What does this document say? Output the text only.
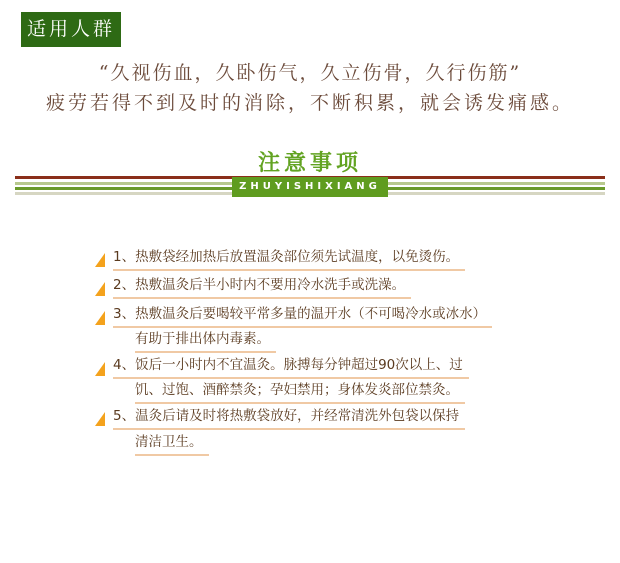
适用人群
“久视伤血，久卧伤气，久立伤骨，久行伤筋”
疲劳若得不到及时的消除，不断积累，就会诱发痛感。
注意事项
ZHUYISHIXIANG
1、热敷袋经加热后放置温灸部位须先试温度，以免烫伤。
2、热敷温灸后半小时内不要用冷水洗手或洗澡。
3、热敷温灸后要喝较平常多量的温开水（不可喝冷水或冰水）
有助于排出体内毒素。
4、饭后一小时内不宜温灸。脉搏每分钟超过90次以上、过
饥、过饱、酒醉禁灸；孕妇禁用；身体发炎部位禁灸。
5、温灸后请及时将热敷袋放好，并经常清洗外包袋以保持
清洁卫生。
